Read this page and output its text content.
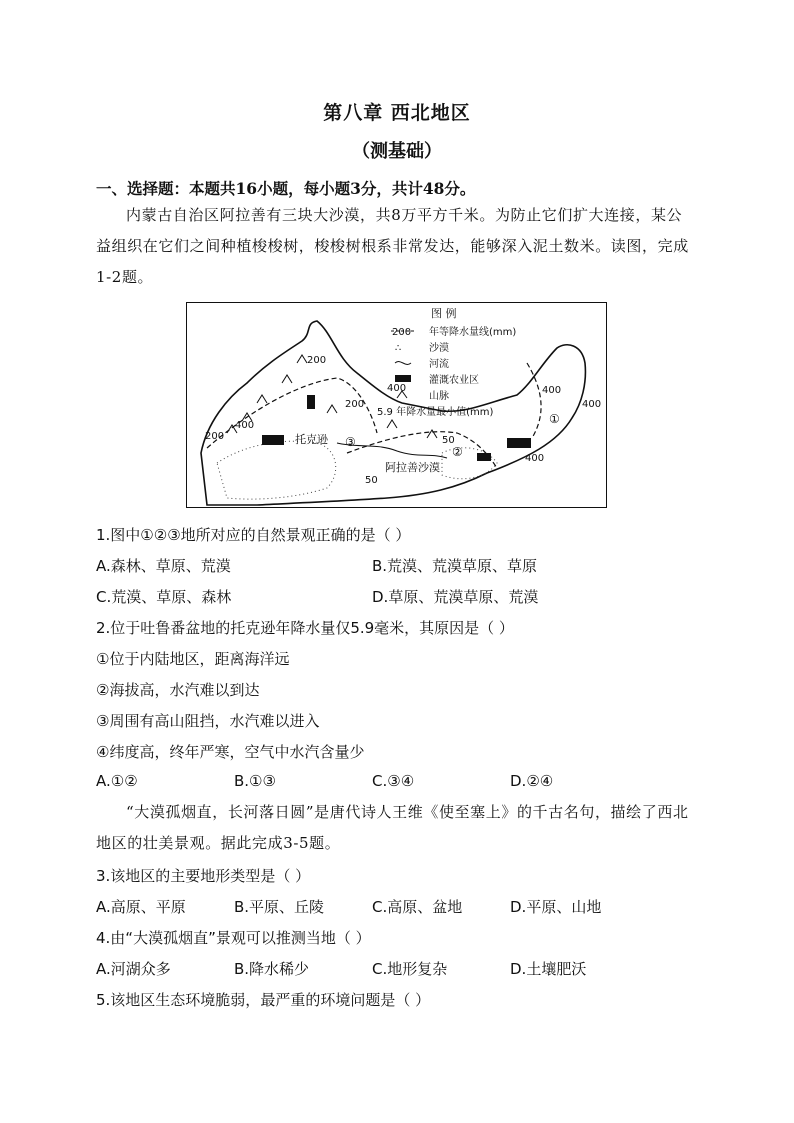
第八章 西北地区
（测基础）
一、选择题：本题共16小题，每小题3分，共计48分。
内蒙古自治区阿拉善有三块大沙漠，共8万平方千米。为防止它们扩大连接，某公益组织在它们之间种植梭梭树，梭梭树根系非常发达，能够深入泥土数米。读图，完成1-2题。
图 例
200 年等降水量线(mm)
∴	沙漠
河流
灌溉农业区
山脉
5.9 年降水量最小值(mm)
200
400
200
400
400
200	50
50
400
400
托克逊 ③
②
①
阿拉善沙漠
1.图中①②③地所对应的自然景观正确的是（ ）
A.森林、草原、荒漠	B.荒漠、荒漠草原、草原
C.荒漠、草原、森林	D.草原、荒漠草原、荒漠
2.位于吐鲁番盆地的托克逊年降水量仅5.9毫米，其原因是（ ）
①位于内陆地区，距离海洋远
②海拔高，水汽难以到达
③周围有高山阻挡，水汽难以进入
④纬度高，终年严寒，空气中水汽含量少
A.①②	B.①③	C.③④	D.②④
“大漠孤烟直，长河落日圆”是唐代诗人王维《使至塞上》的千古名句，描绘了西北地区的壮美景观。据此完成3-5题。
3.该地区的主要地形类型是（ ）
A.高原、平原	B.平原、丘陵	C.高原、盆地	D.平原、山地
4.由“大漠孤烟直”景观可以推测当地（ ）
A.河湖众多	B.降水稀少	C.地形复杂	D.土壤肥沃
5.该地区生态环境脆弱，最严重的环境问题是（ ）
